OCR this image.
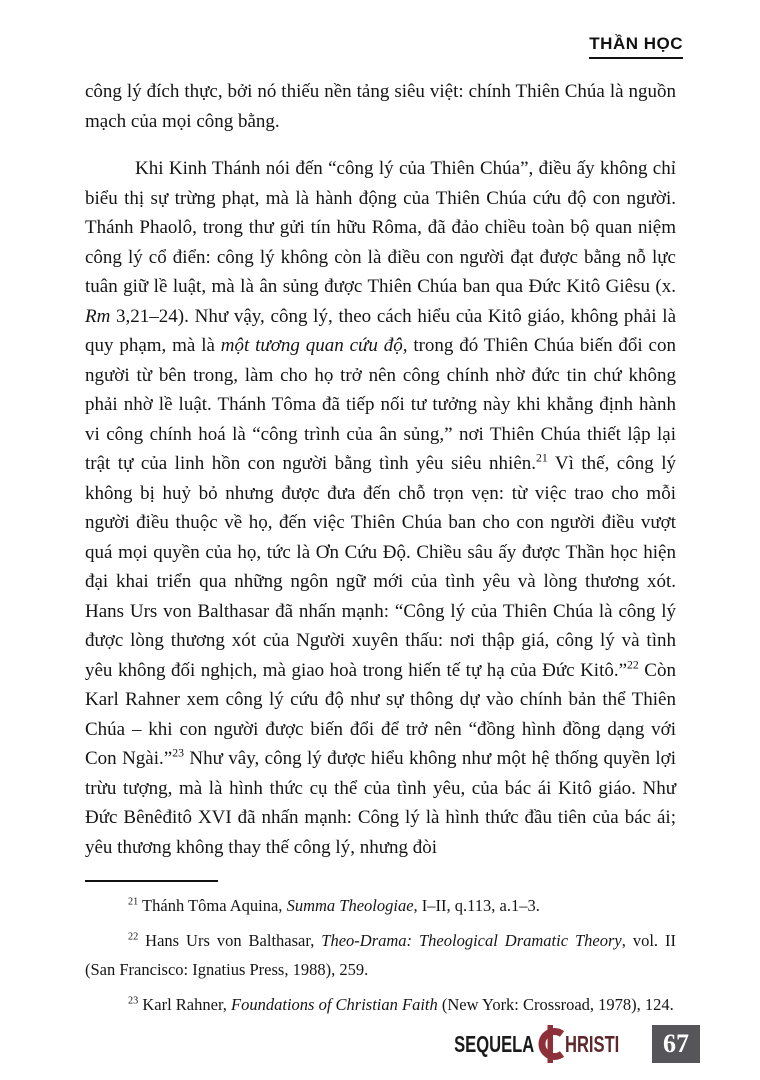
THẦN HỌC

công lý đích thực, bởi nó thiếu nền tảng siêu việt: chính Thiên Chúa là nguồn mạch của mọi công bằng.

Khi Kinh Thánh nói đến “công lý của Thiên Chúa”, điều ấy không chỉ biểu thị sự trừng phạt, mà là hành động của Thiên Chúa cứu độ con người. Thánh Phaolô, trong thư gửi tín hữu Rôma, đã đảo chiều toàn bộ quan niệm công lý cổ điển: công lý không còn là điều con người đạt được bằng nỗ lực tuân giữ lề luật, mà là ân sủng được Thiên Chúa ban qua Đức Kitô Giêsu (x. Rm 3,21–24). Như vậy, công lý, theo cách hiểu của Kitô giáo, không phải là quy phạm, mà là một tương quan cứu độ, trong đó Thiên Chúa biến đổi con người từ bên trong, làm cho họ trở nên công chính nhờ đức tin chứ không phải nhờ lề luật. Thánh Tôma đã tiếp nối tư tưởng này khi khẳng định hành vi công chính hoá là “công trình của ân sủng,” nơi Thiên Chúa thiết lập lại trật tự của linh hồn con người bằng tình yêu siêu nhiên.$^{21}$ Vì thế, công lý không bị huỷ bỏ nhưng được đưa đến chỗ trọn vẹn: từ việc trao cho mỗi người điều thuộc về họ, đến việc Thiên Chúa ban cho con người điều vượt quá mọi quyền của họ, tức là Ơn Cứu Độ. Chiều sâu ấy được Thần học hiện đại khai triển qua những ngôn ngữ mới của tình yêu và lòng thương xót. Hans Urs von Balthasar đã nhấn mạnh: “Công lý của Thiên Chúa là công lý được lòng thương xót của Người xuyên thấu: nơi thập giá, công lý và tình yêu không đối nghịch, mà giao hoà trong hiến tế tự hạ của Đức Kitô.”$^{22}$ Còn Karl Rahner xem công lý cứu độ như sự thông dự vào chính bản thể Thiên Chúa – khi con người được biến đổi để trở nên “đồng hình đồng dạng với Con Ngài.”$^{23}$ Như vây, công lý được hiểu không như một hệ thống quyền lợi trừu tượng, mà là hình thức cụ thể của tình yêu, của bác ái Kitô giáo. Như Đức Bênêđitô XVI đã nhấn mạnh: Công lý là hình thức đầu tiên của bác ái; yêu thương không thay thế công lý, nhưng đòi

$^{21}$ Thánh Tôma Aquina, Summa Theologiae, I–II, q.113, a.1–3.

$^{22}$ Hans Urs von Balthasar, Theo-Drama: Theological Dramatic Theory, vol. II (San Francisco: Ignatius Press, 1988), 259.

$^{23}$ Karl Rahner, Foundations of Christian Faith (New York: Crossroad, 1978), 124.

SEQUELA HRISTI 67
